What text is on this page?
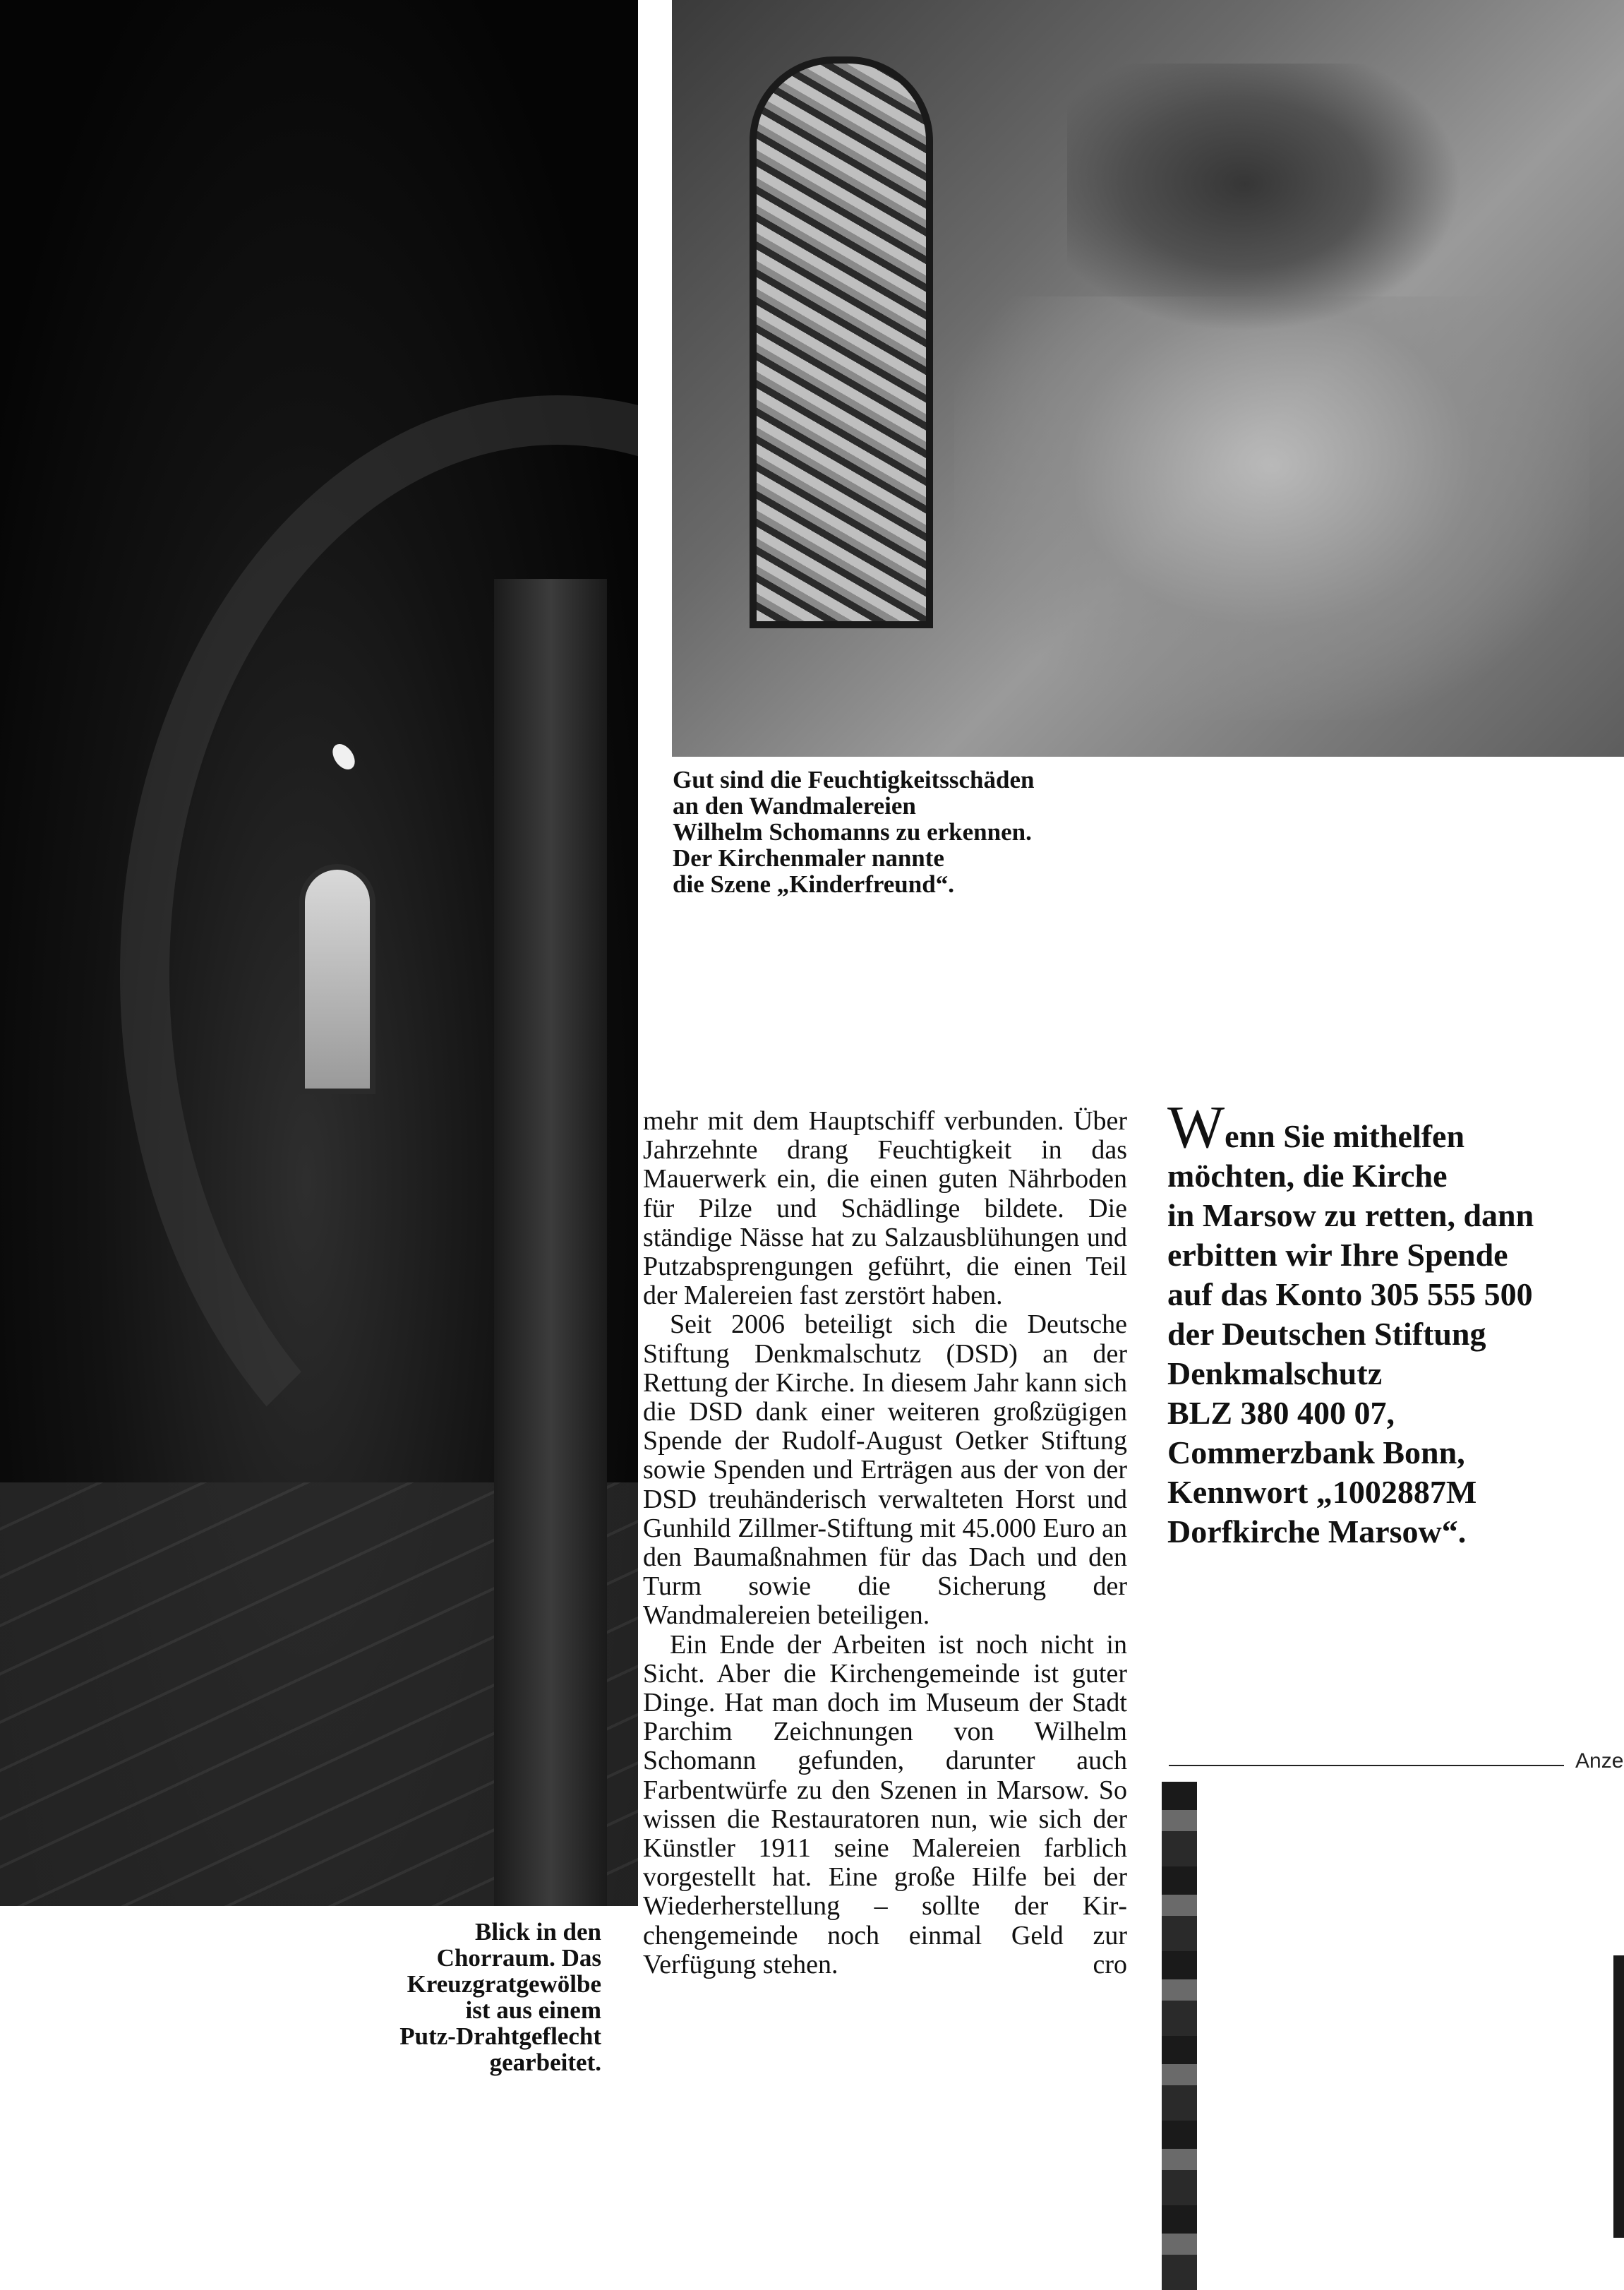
Gut sind die Feuchtigkeitsschäden
an den Wandmalereien
Wilhelm Schomanns zu erkennen.
Der Kirchenmaler nannte
die Szene „Kinderfreund“.
Blick in den
Chorraum. Das
Kreuzgratgewölbe
ist aus einem
Putz-Drahtgeflecht
gearbeitet.

mehr mit dem Hauptschiff verbunden. Über Jahrzehnte drang Feuchtigkeit in das Mauerwerk ein, die einen guten Nährboden für Pilze und Schädlinge bildete. Die ständige Nässe hat zu Salzausblühungen und Putzabsprengungen geführt, die einen Teil der Malereien fast zerstört haben.

Seit 2006 beteiligt sich die Deutsche Stiftung Denkmalschutz (DSD) an der Rettung der Kirche. In diesem Jahr kann sich die DSD dank einer weiteren großzügigen Spende der Rudolf-August Oetker Stiftung sowie Spenden und Erträgen aus der von der DSD treuhänderisch verwalteten Horst und Gunhild Zillmer-Stiftung mit 45.000 Euro an den Baumaßnahmen für das Dach und den Turm sowie die Sicherung der Wandmalereien beteiligen.

Ein Ende der Arbeiten ist noch nicht in Sicht. Aber die Kirchengemeinde ist guter Dinge. Hat man doch im Museum der Stadt Parchim Zeichnungen von Wilhelm Schomann gefunden, darunter auch Farbentwürfe zu den Szenen in Marsow. So wissen die Restauratoren nun, wie sich der Künstler 1911 seine Malereien farblich vorgestellt hat. Eine große Hilfe bei der Wiederherstellung – sollte der Kirchengemeinde noch einmal Geld zur Verfügung stehen.	cro
Wenn Sie mithelfen
möchten, die Kirche
in Marsow zu retten, dann
erbitten wir Ihre Spende
auf das Konto 305 555 500
der Deutschen Stiftung
Denkmalschutz
BLZ 380 400 07,
Commerzbank Bonn,
Kennwort „1002887M
Dorfkirche Marsow“.
Anze
